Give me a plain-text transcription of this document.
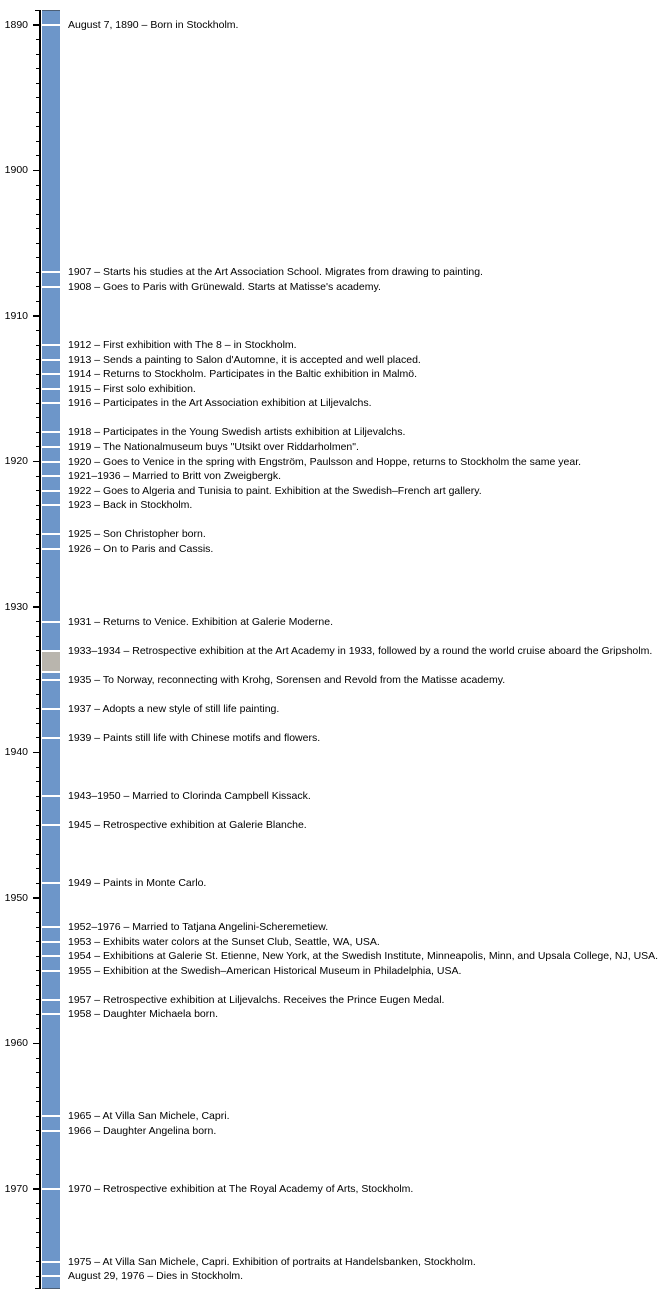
1890
1900
1910
1920
1930
1940
1950
1960
1970
August 7, 1890 – Born in Stockholm.
1907 – Starts his studies at the Art Association School. Migrates from drawing to painting.
1908 – Goes to Paris with Grünewald. Starts at Matisse's academy.
1912 – First exhibition with The 8 – in Stockholm.
1913 – Sends a painting to Salon d'Automne, it is accepted and well placed.
1914 – Returns to Stockholm. Participates in the Baltic exhibition in Malmö.
1915 – First solo exhibition.
1916 – Participates in the Art Association exhibition at Liljevalchs.
1918 – Participates in the Young Swedish artists exhibition at Liljevalchs.
1919 – The Nationalmuseum buys "Utsikt over Riddarholmen".
1920 – Goes to Venice in the spring with Engström, Paulsson and Hoppe, returns to Stockholm the same year.
1921–1936 – Married to Britt von Zweigbergk.
1922 – Goes to Algeria and Tunisia to paint. Exhibition at the Swedish–French art gallery.
1923 – Back in Stockholm.
1925 – Son Christopher born.
1926 – On to Paris and Cassis.
1931 – Returns to Venice. Exhibition at Galerie Moderne.
1933–1934 – Retrospective exhibition at the Art Academy in 1933, followed by a round the world cruise aboard the Gripsholm.
1935 – To Norway, reconnecting with Krohg, Sorensen and Revold from the Matisse academy.
1937 – Adopts a new style of still life painting.
1939 – Paints still life with Chinese motifs and flowers.
1943–1950 – Married to Clorinda Campbell Kissack.
1945 – Retrospective exhibition at Galerie Blanche.
1949 – Paints in Monte Carlo.
1952–1976 – Married to Tatjana Angelini-Scheremetiew.
1953 – Exhibits water colors at the Sunset Club, Seattle, WA, USA.
1954 – Exhibitions at Galerie St. Etienne, New York, at the Swedish Institute, Minneapolis, Minn, and Upsala College, NJ, USA.
1955 – Exhibition at the Swedish–American Historical Museum in Philadelphia, USA.
1957 – Retrospective exhibition at Liljevalchs. Receives the Prince Eugen Medal.
1958 – Daughter Michaela born.
1965 – At Villa San Michele, Capri.
1966 – Daughter Angelina born.
1970 – Retrospective exhibition at The Royal Academy of Arts, Stockholm.
1975 – At Villa San Michele, Capri. Exhibition of portraits at Handelsbanken, Stockholm.
August 29, 1976 – Dies in Stockholm.
